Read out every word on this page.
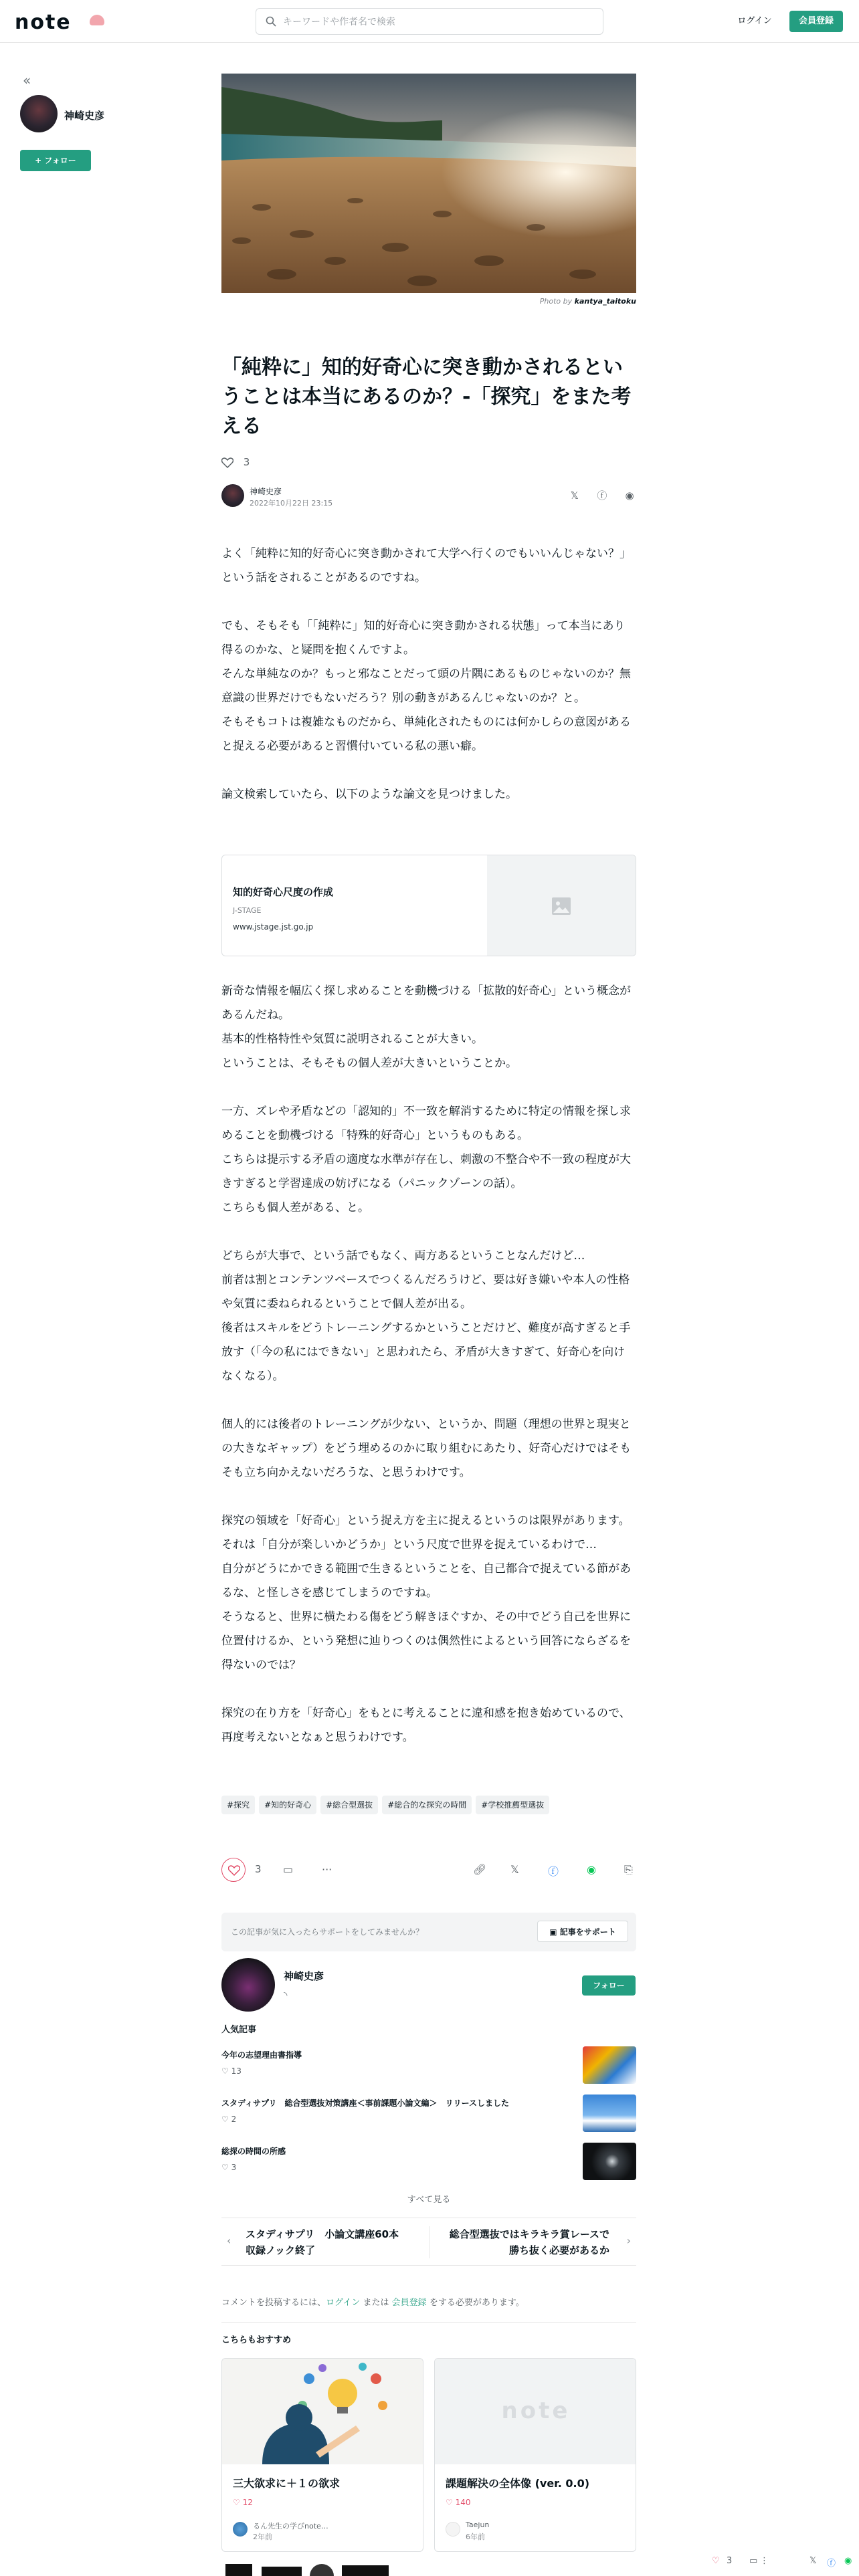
note
キーワードや作者名で検索	ログイン	会員登録
«
神崎史彦
+ フォロー
Photo by kantya_taitoku
「純粋に」知的好奇心に突き動かされるということは本当にあるのか？-「探究」をまた考える
3
神崎史彦
2022年10月22日 23:15
𝕏 ⓕ ◉

よく「純粋に知的好奇心に突き動かされて大学へ行くのでもいいんじゃない？」という話をされることがあるのですね。

でも、そもそも「「純粋に」知的好奇心に突き動かされる状態」って本当にあり得るのかな、と疑問を抱くんですよ。

そんな単純なのか？もっと邪なことだって頭の片隅にあるものじゃないのか？無意識の世界だけでもないだろう？別の動きがあるんじゃないのか？と。

そもそもコトは複雑なものだから、単純化されたものには何かしらの意図があると捉える必要があると習慣付いている私の悪い癖。

論文検索していたら、以下のような論文を見つけました。

知的好奇心尺度の作成
J-STAGE
www.jstage.jst.go.jp

新奇な情報を幅広く探し求めることを動機づける「拡散的好奇心」という概念があるんだね。

基本的性格特性や気質に説明されることが大きい。

ということは、そもそもの個人差が大きいということか。

一方、ズレや矛盾などの「認知的」不一致を解消するために特定の情報を探し求めることを動機づける「特殊的好奇心」というものもある。

こちらは提示する矛盾の適度な水準が存在し、刺激の不整合や不一致の程度が大きすぎると学習達成の妨げになる（パニックゾーンの話）。

こちらも個人差がある、と。

どちらが大事で、という話でもなく、両方あるということなんだけど…

前者は割とコンテンツベースでつくるんだろうけど、要は好き嫌いや本人の性格や気質に委ねられるということで個人差が出る。

後者はスキルをどうトレーニングするかということだけど、難度が高すぎると手放す（「今の私にはできない」と思われたら、矛盾が大きすぎて、好奇心を向けなくなる）。

個人的には後者のトレーニングが少ない、というか、問題（理想の世界と現実との大きなギャップ）をどう埋めるのかに取り組むにあたり、好奇心だけではそもそも立ち向かえないだろうな、と思うわけです。

探究の領域を「好奇心」という捉え方を主に捉えるというのは限界があります。

それは「自分が楽しいかどうか」という尺度で世界を捉えているわけで…

自分がどうにかできる範囲で生きるということを、自己都合で捉えている節があるな、と怪しさを感じてしまうのですね。

そうなると、世界に横たわる傷をどう解きほぐすか、その中でどう自己を世界に位置付けるか、という発想に辿りつくのは偶然性によるという回答にならざるを得ないのでは？

探究の在り方を「好奇心」をもとに考えることに違和感を抱き始めているので、再度考えないとなぁと思うわけです。

#探究 #知的好奇心 #総合型選抜 #総合的な探究の時間 #学校推薦型選抜
3 ▭	···	🔗︎ 𝕏	ⓕ	◉	⎘
この記事が気に入ったらサポートをしてみませんか？	▣ 記事をサポート
神崎史彦
◝
フォロー
人気記事
今年の志望理由書指導
♡ 13
スタディサプリ　総合型選抜対策講座＜事前課題小論文編＞　リリースしました
♡ 2
総探の時間の所感
♡ 3
すべて見る
‹ スタディサプリ　小論文講座60本収録ノック終了
総合型選抜ではキラキラ賞レースで勝ち抜く必要があるか
›
コメントを投稿するには、ログイン または 会員登録 をする必要があります。
こちらもおすすめ
三大欲求に＋１の欲求
♡ 12
るん先生の学びnote…
2年前
note
課題解決の全体像 (ver. 0.0)
♡ 140
Taejun
6年前
♡ 3 ▭ ⋮	𝕏 ⓕ ◉
